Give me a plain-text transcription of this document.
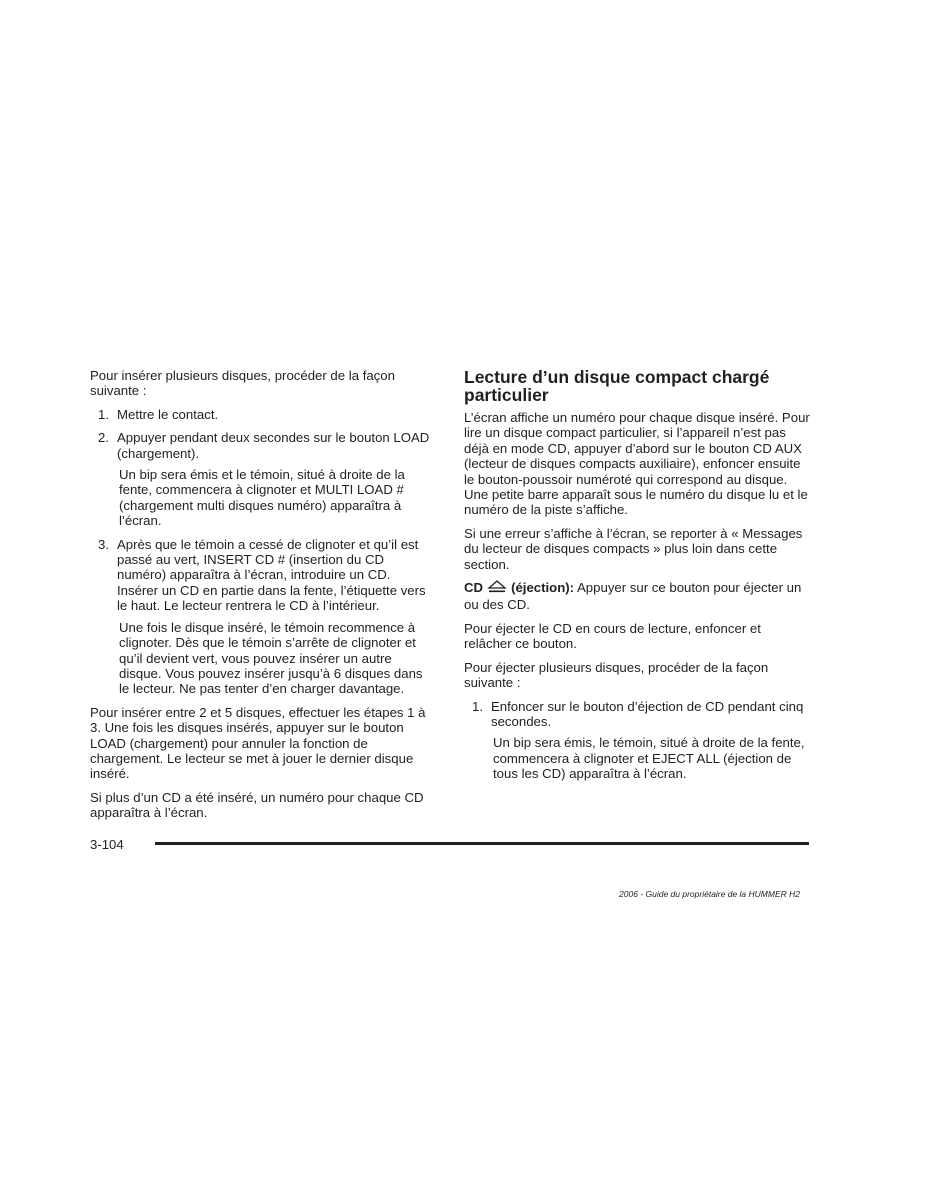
Pour insérer plusieurs disques, procéder de la façon suivante :

1. Mettre le contact.

2. Appuyer pendant deux secondes sur le bouton LOAD (chargement).

Un bip sera émis et le témoin, situé à droite de la fente, commencera à clignoter et MULTI LOAD # (chargement multi disques numéro) apparaîtra à l’écran.

3. Après que le témoin a cessé de clignoter et qu’il est passé au vert, INSERT CD # (insertion du CD numéro) apparaîtra à l’écran, introduire un CD. Insérer un CD en partie dans la fente, l’étiquette vers le haut. Le lecteur rentrera le CD à l’intérieur.

Une fois le disque inséré, le témoin recommence à clignoter. Dès que le témoin s’arrête de clignoter et qu’il devient vert, vous pouvez insérer un autre disque. Vous pouvez insérer jusqu’à 6 disques dans le lecteur. Ne pas tenter d’en charger davantage.

Pour insérer entre 2 et 5 disques, effectuer les étapes 1 à 3. Une fois les disques insérés, appuyer sur le bouton LOAD (chargement) pour annuler la fonction de chargement. Le lecteur se met à jouer le dernier disque inséré.

Si plus d’un CD a été inséré, un numéro pour chaque CD apparaîtra à l’écran.

Lecture d’un disque compact chargé particulier

L’écran affiche un numéro pour chaque disque inséré. Pour lire un disque compact particulier, si l’appareil n’est pas déjà en mode CD, appuyer d’abord sur le bouton CD AUX (lecteur de disques compacts auxiliaire), enfoncer ensuite le bouton-poussoir numéroté qui correspond au disque. Une petite barre apparaît sous le numéro du disque lu et le numéro de la piste s’affiche.

Si une erreur s’affiche à l’écran, se reporter à « Messages du lecteur de disques compacts » plus loin dans cette section.

CD (éjection): Appuyer sur ce bouton pour éjecter un ou des CD.

Pour éjecter le CD en cours de lecture, enfoncer et relâcher ce bouton.

Pour éjecter plusieurs disques, procéder de la façon suivante :

1. Enfoncer sur le bouton d’éjection de CD pendant cinq secondes.

Un bip sera émis, le témoin, situé à droite de la fente, commencera à clignoter et EJECT ALL (éjection de tous les CD) apparaîtra à l’écran.

3-104
2006 - Guide du propriétaire de la HUMMER H2
